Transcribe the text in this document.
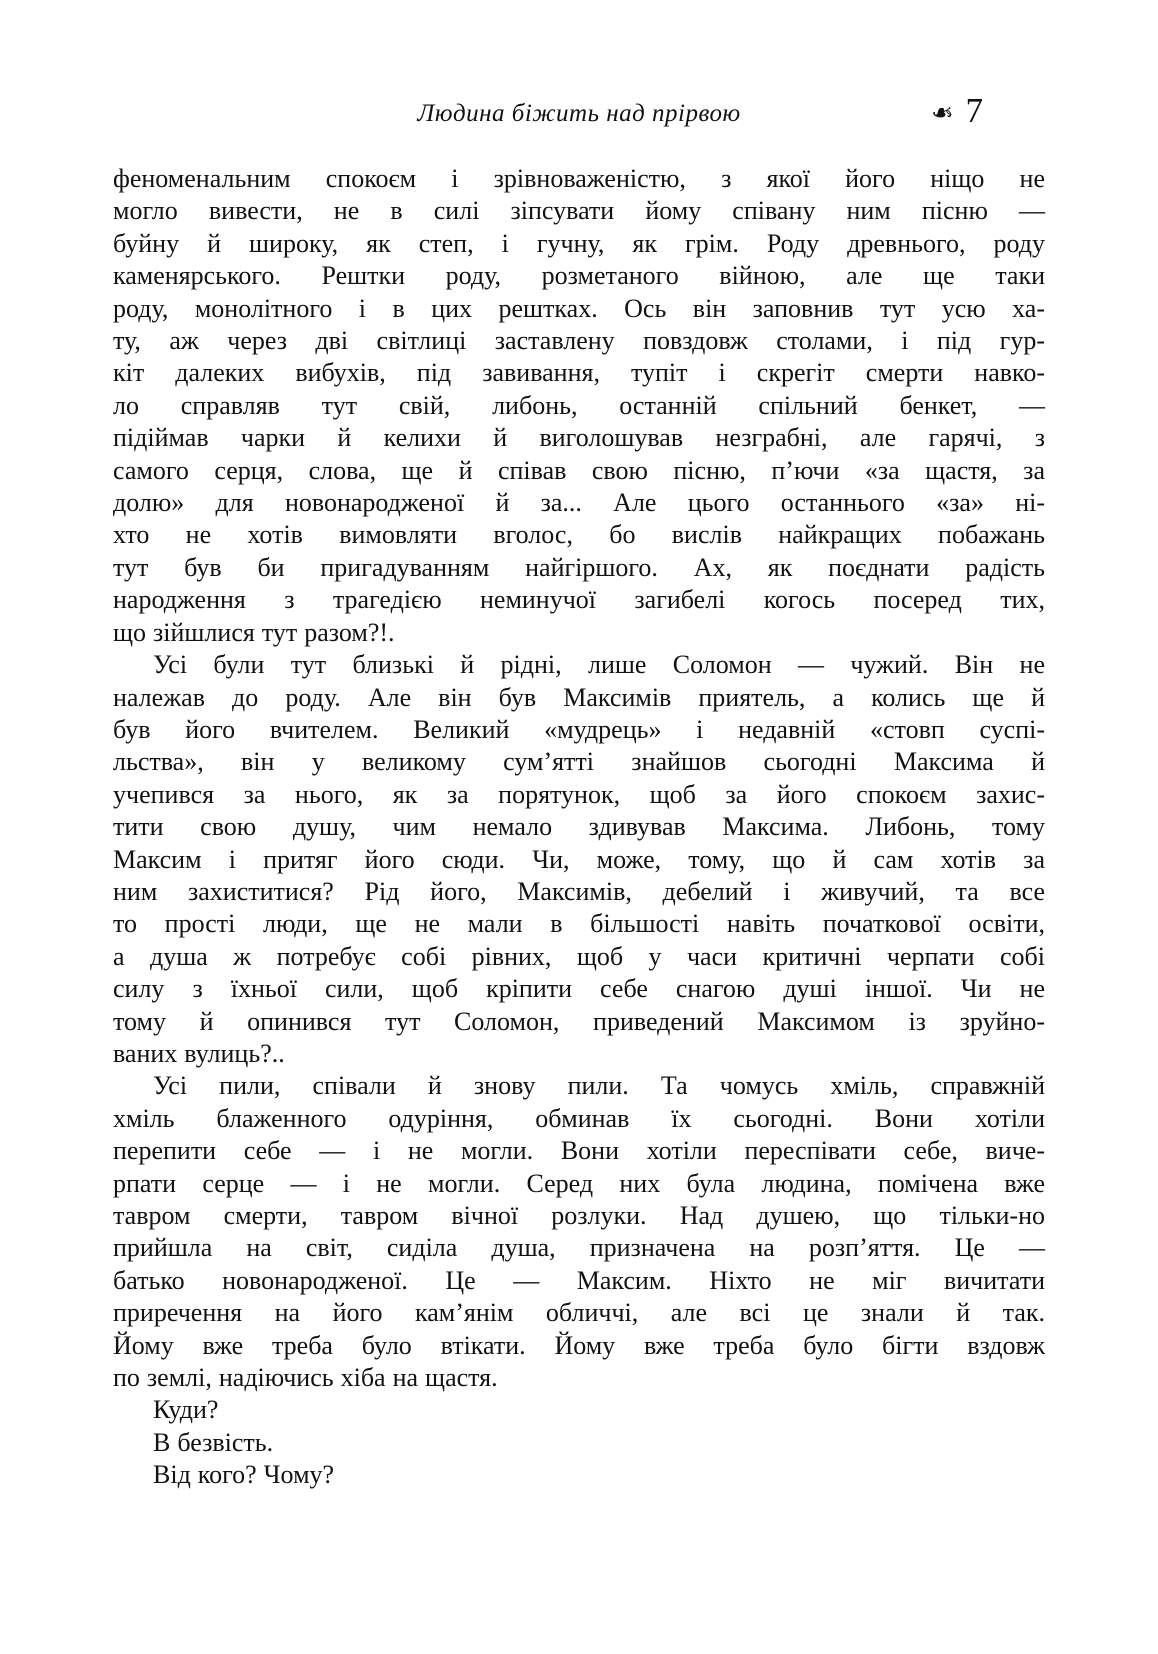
Людина біжить над прірвою	❧ 7
феноменальним спокоєм і зрівноваженістю, з якої його ніщо не
могло вивести, не в силі зіпсувати йому співану ним пісню —
буйну й широку, як степ, і гучну, як грім. Роду древнього, роду
каменярського. Рештки роду, розметаного війною, але ще таки
роду, монолітного і в цих рештках. Ось він заповнив тут усю ха-
ту, аж через дві світлиці заставлену повздовж столами, і під гур-
кіт далеких вибухів, під завивання, тупіт і скрегіт смерти навко-
ло справляв тут свій, либонь, останній спільний бенкет, —
підіймав чарки й келихи й виголошував незграбні, але гарячі, з
самого серця, слова, ще й співав свою пісню, п’ючи «за щастя, за
долю» для новонародженої й за... Але цього останнього «за» ні-
хто не хотів вимовляти вголос, бо вислів найкращих побажань
тут був би пригадуванням найгіршого. Ах, як поєднати радість
народження з трагедією неминучої загибелі когось посеред тих,
що зійшлися тут разом?!.
Усі були тут близькі й рідні, лише Соломон — чужий. Він не
належав до роду. Але він був Максимів приятель, а колись ще й
був його вчителем. Великий «мудрець» і недавній «стовп суспі-
льства», він у великому сум’ятті знайшов сьогодні Максима й
учепився за нього, як за порятунок, щоб за його спокоєм захис-
тити свою душу, чим немало здивував Максима. Либонь, тому
Максим і притяг його сюди. Чи, може, тому, що й сам хотів за
ним захиститися? Рід його, Максимів, дебелий і живучий, та все
то прості люди, ще не мали в більшості навіть початкової освіти,
а душа ж потребує собі рівних, щоб у часи критичні черпати собі
силу з їхньої сили, щоб кріпити себе снагою душі іншої. Чи не
тому й опинився тут Соломон, приведений Максимом із зруйно-
ваних вулиць?..
Усі пили, співали й знову пили. Та чомусь хміль, справжній
хміль блаженного одуріння, обминав їх сьогодні. Вони хотіли
перепити себе — і не могли. Вони хотіли переспівати себе, виче-
рпати серце — і не могли. Серед них була людина, помічена вже
тавром смерти, тавром вічної розлуки. Над душею, що тільки-но
прийшла на світ, сиділа душа, призначена на розп’яття. Це —
батько новонародженої. Це — Максим. Ніхто не міг вичитати
приречення на його кам’янім обличчі, але всі це знали й так.
Йому вже треба було втікати. Йому вже треба було бігти вздовж
по землі, надіючись хіба на щастя.
Куди?
В безвість.
Від кого? Чому?
